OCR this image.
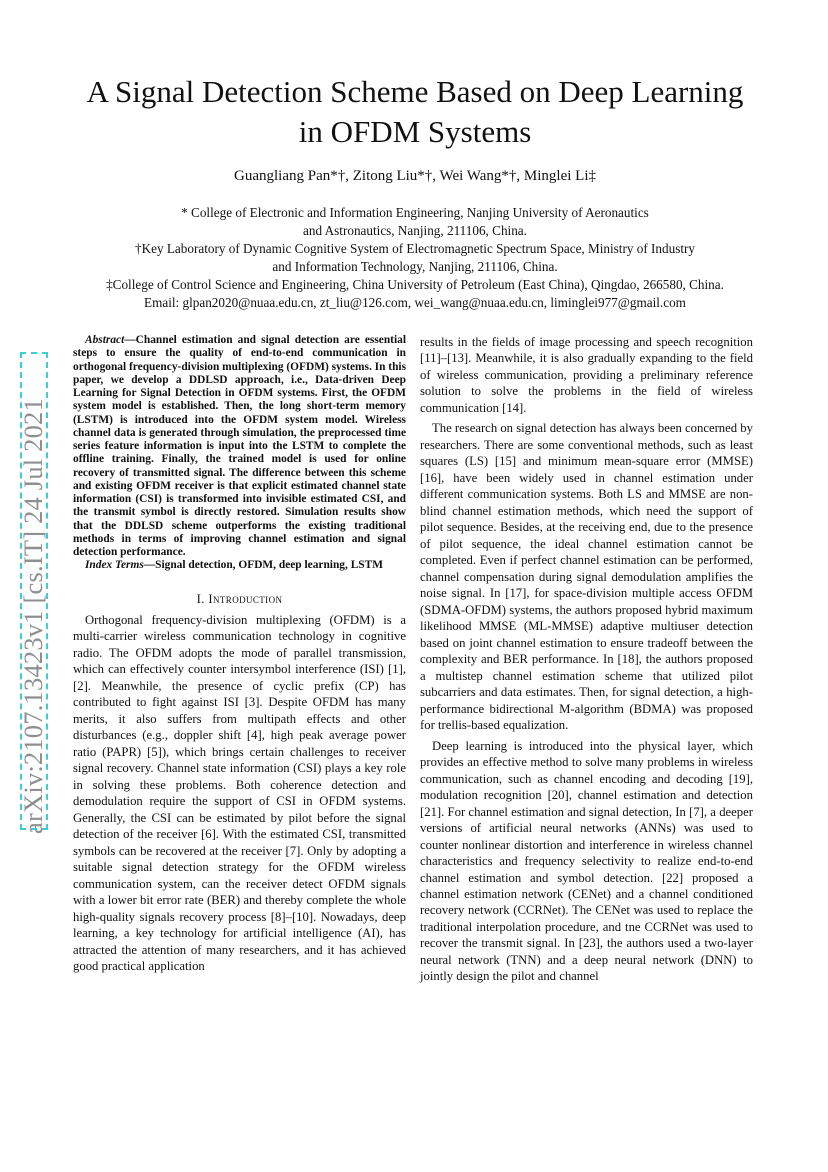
arXiv:2107.13423v1 [cs.IT] 24 Jul 2021
A Signal Detection Scheme Based on Deep Learning in OFDM Systems
Guangliang Pan*†, Zitong Liu*†, Wei Wang*†, Minglei Li‡
* College of Electronic and Information Engineering, Nanjing University of Aeronautics
and Astronautics, Nanjing, 211106, China.
†Key Laboratory of Dynamic Cognitive System of Electromagnetic Spectrum Space, Ministry of Industry
and Information Technology, Nanjing, 211106, China.
‡College of Control Science and Engineering, China University of Petroleum (East China), Qingdao, 266580, China.
Email: glpan2020@nuaa.edu.cn, zt_liu@126.com, wei_wang@nuaa.edu.cn, liminglei977@gmail.com

Abstract—Channel estimation and signal detection are essential steps to ensure the quality of end-to-end communication in orthogonal frequency-division multiplexing (OFDM) systems. In this paper, we develop a DDLSD approach, i.e., Data-driven Deep Learning for Signal Detection in OFDM systems. First, the OFDM system model is established. Then, the long short-term memory (LSTM) is introduced into the OFDM system model. Wireless channel data is generated through simulation, the preprocessed time series feature information is input into the LSTM to complete the offline training. Finally, the trained model is used for online recovery of transmitted signal. The difference between this scheme and existing OFDM receiver is that explicit estimated channel state information (CSI) is transformed into invisible estimated CSI, and the transmit symbol is directly restored. Simulation results show that the DDLSD scheme outperforms the existing traditional methods in terms of improving channel estimation and signal detection performance.

Index Terms—Signal detection, OFDM, deep learning, LSTM

I. Introduction

Orthogonal frequency-division multiplexing (OFDM) is a multi-carrier wireless communication technology in cognitive radio. The OFDM adopts the mode of parallel transmission, which can effectively counter intersymbol interference (ISI) [1], [2]. Meanwhile, the presence of cyclic prefix (CP) has contributed to fight against ISI [3]. Despite OFDM has many merits, it also suffers from multipath effects and other disturbances (e.g., doppler shift [4], high peak average power ratio (PAPR) [5]), which brings certain challenges to receiver signal recovery. Channel state information (CSI) plays a key role in solving these problems. Both coherence detection and demodulation require the support of CSI in OFDM systems. Generally, the CSI can be estimated by pilot before the signal detection of the receiver [6]. With the estimated CSI, transmitted symbols can be recovered at the receiver [7]. Only by adopting a suitable signal detection strategy for the OFDM wireless communication system, can the receiver detect OFDM signals with a lower bit error rate (BER) and thereby complete the whole high-quality signals recovery process [8]–[10]. Nowadays, deep learning, a key technology for artificial intelligence (AI), has attracted the attention of many researchers, and it has achieved good practical application

results in the fields of image processing and speech recognition [11]–[13]. Meanwhile, it is also gradually expanding to the field of wireless communication, providing a preliminary reference solution to solve the problems in the field of wireless communication [14].

The research on signal detection has always been concerned by researchers. There are some conventional methods, such as least squares (LS) [15] and minimum mean-square error (MMSE) [16], have been widely used in channel estimation under different communication systems. Both LS and MMSE are non-blind channel estimation methods, which need the support of pilot sequence. Besides, at the receiving end, due to the presence of pilot sequence, the ideal channel estimation cannot be completed. Even if perfect channel estimation can be performed, channel compensation during signal demodulation amplifies the noise signal. In [17], for space-division multiple access OFDM (SDMA-OFDM) systems, the authors proposed hybrid maximum likelihood MMSE (ML-MMSE) adaptive multiuser detection based on joint channel estimation to ensure tradeoff between the complexity and BER performance. In [18], the authors proposed a multistep channel estimation scheme that utilized pilot subcarriers and data estimates. Then, for signal detection, a high-performance bidirectional M-algorithm (BDMA) was proposed for trellis-based equalization.

Deep learning is introduced into the physical layer, which provides an effective method to solve many problems in wireless communication, such as channel encoding and decoding [19], modulation recognition [20], channel estimation and detection [21]. For channel estimation and signal detection, In [7], a deeper versions of artificial neural networks (ANNs) was used to counter nonlinear distortion and interference in wireless channel characteristics and frequency selectivity to realize end-to-end channel estimation and symbol detection. [22] proposed a channel estimation network (CENet) and a channel conditioned recovery network (CCRNet). The CENet was used to replace the traditional interpolation procedure, and tne CCRNet was used to recover the transmit signal. In [23], the authors used a two-layer neural network (TNN) and a deep neural network (DNN) to jointly design the pilot and channel
